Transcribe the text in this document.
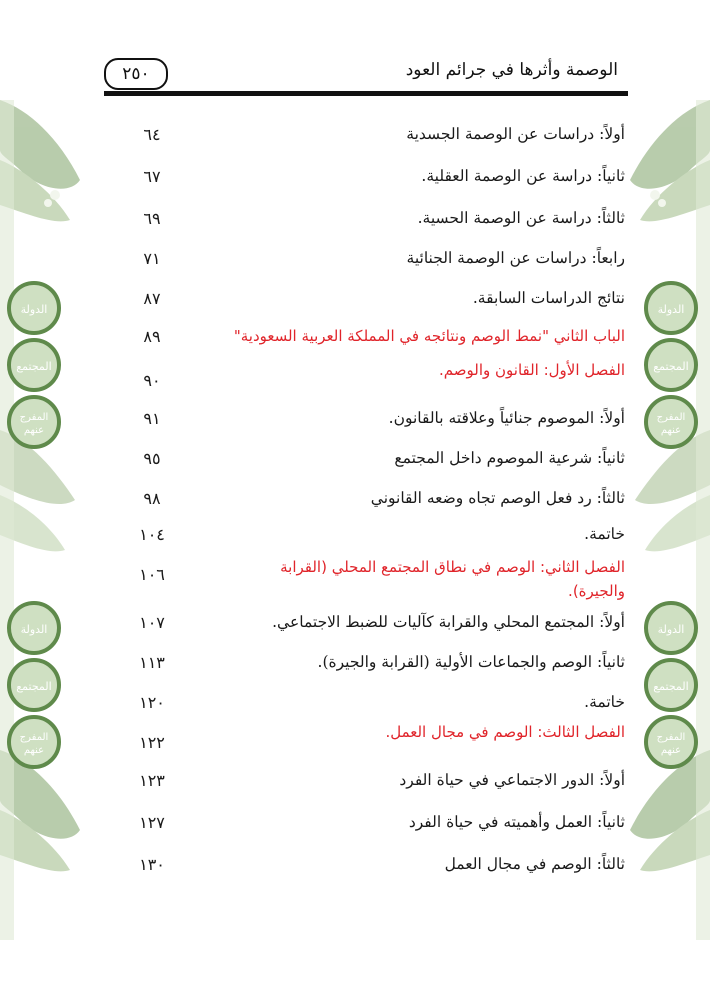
الدولة
المجتمع
المفرج
عنهم
الدولة
المجتمع
المفرج
عنهم
الدولة
المجتمع
المفرج
عنهم
الدولة
المجتمع
المفرج
عنهم
٢٥٠	الوصمة وأثرها في جرائم العود
أولاً: دراسات عن الوصمة الجسدية
٦٤
ثانياً: دراسة عن الوصمة العقلية.
٦٧
ثالثاً: دراسة عن الوصمة الحسية.
٦٩
رابعاً: دراسات عن الوصمة الجنائية
٧١
نتائج الدراسات السابقة.
٨٧
الباب الثاني "نمط الوصم ونتائجه في المملكة العربية السعودية"
٨٩
الفصل الأول: القانون والوصم.
٩٠
أولاً: الموصوم جنائياً وعلاقته بالقانون.
٩١
ثانياً: شرعية الموصوم داخل المجتمع
٩٥
ثالثاً: رد فعل الوصم تجاه وضعه القانوني
٩٨
خاتمة.
١٠٤
الفصل الثاني: الوصم في نطاق المجتمع المحلي (القرابة والجيرة).
١٠٦
أولاً: المجتمع المحلي والقرابة كآليات للضبط الاجتماعي.
١٠٧
ثانياً: الوصم والجماعات الأولية (القرابة والجيرة).
١١٣
خاتمة.
١٢٠
الفصل الثالث: الوصم في مجال العمل.
١٢٢
أولاً: الدور الاجتماعي في حياة الفرد
١٢٣
ثانياً: العمل وأهميته في حياة الفرد
١٢٧
ثالثاً: الوصم في مجال العمل
١٣٠
